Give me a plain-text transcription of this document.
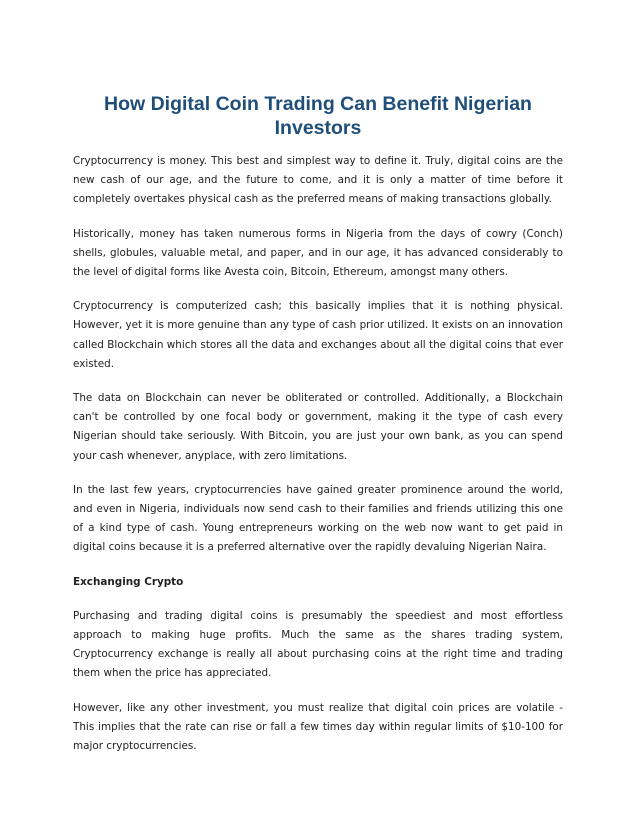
How Digital Coin Trading Can Benefit Nigerian Investors

Cryptocurrency is money. This best and simplest way to define it. Truly, digital coins are the new cash of our age, and the future to come, and it is only a matter of time before it completely overtakes physical cash as the preferred means of making transactions globally.

Historically, money has taken numerous forms in Nigeria from the days of cowry (Conch) shells, globules, valuable metal, and paper, and in our age, it has advanced considerably to the level of digital forms like Avesta coin, Bitcoin, Ethereum, amongst many others.

Cryptocurrency is computerized cash; this basically implies that it is nothing physical. However, yet it is more genuine than any type of cash prior utilized. It exists on an innovation called Blockchain which stores all the data and exchanges about all the digital coins that ever existed.

The data on Blockchain can never be obliterated or controlled. Additionally, a Blockchain can't be controlled by one focal body or government, making it the type of cash every Nigerian should take seriously. With Bitcoin, you are just your own bank, as you can spend your cash whenever, anyplace, with zero limitations.

In the last few years, cryptocurrencies have gained greater prominence around the world, and even in Nigeria, individuals now send cash to their families and friends utilizing this one of a kind type of cash. Young entrepreneurs working on the web now want to get paid in digital coins because it is a preferred alternative over the rapidly devaluing Nigerian Naira.

Exchanging Crypto

Purchasing and trading digital coins is presumably the speediest and most effortless approach to making huge profits. Much the same as the shares trading system, Cryptocurrency exchange is really all about purchasing coins at the right time and trading them when the price has appreciated.

However, like any other investment, you must realize that digital coin prices are volatile - This implies that the rate can rise or fall a few times day within regular limits of $10-100 for major cryptocurrencies.
